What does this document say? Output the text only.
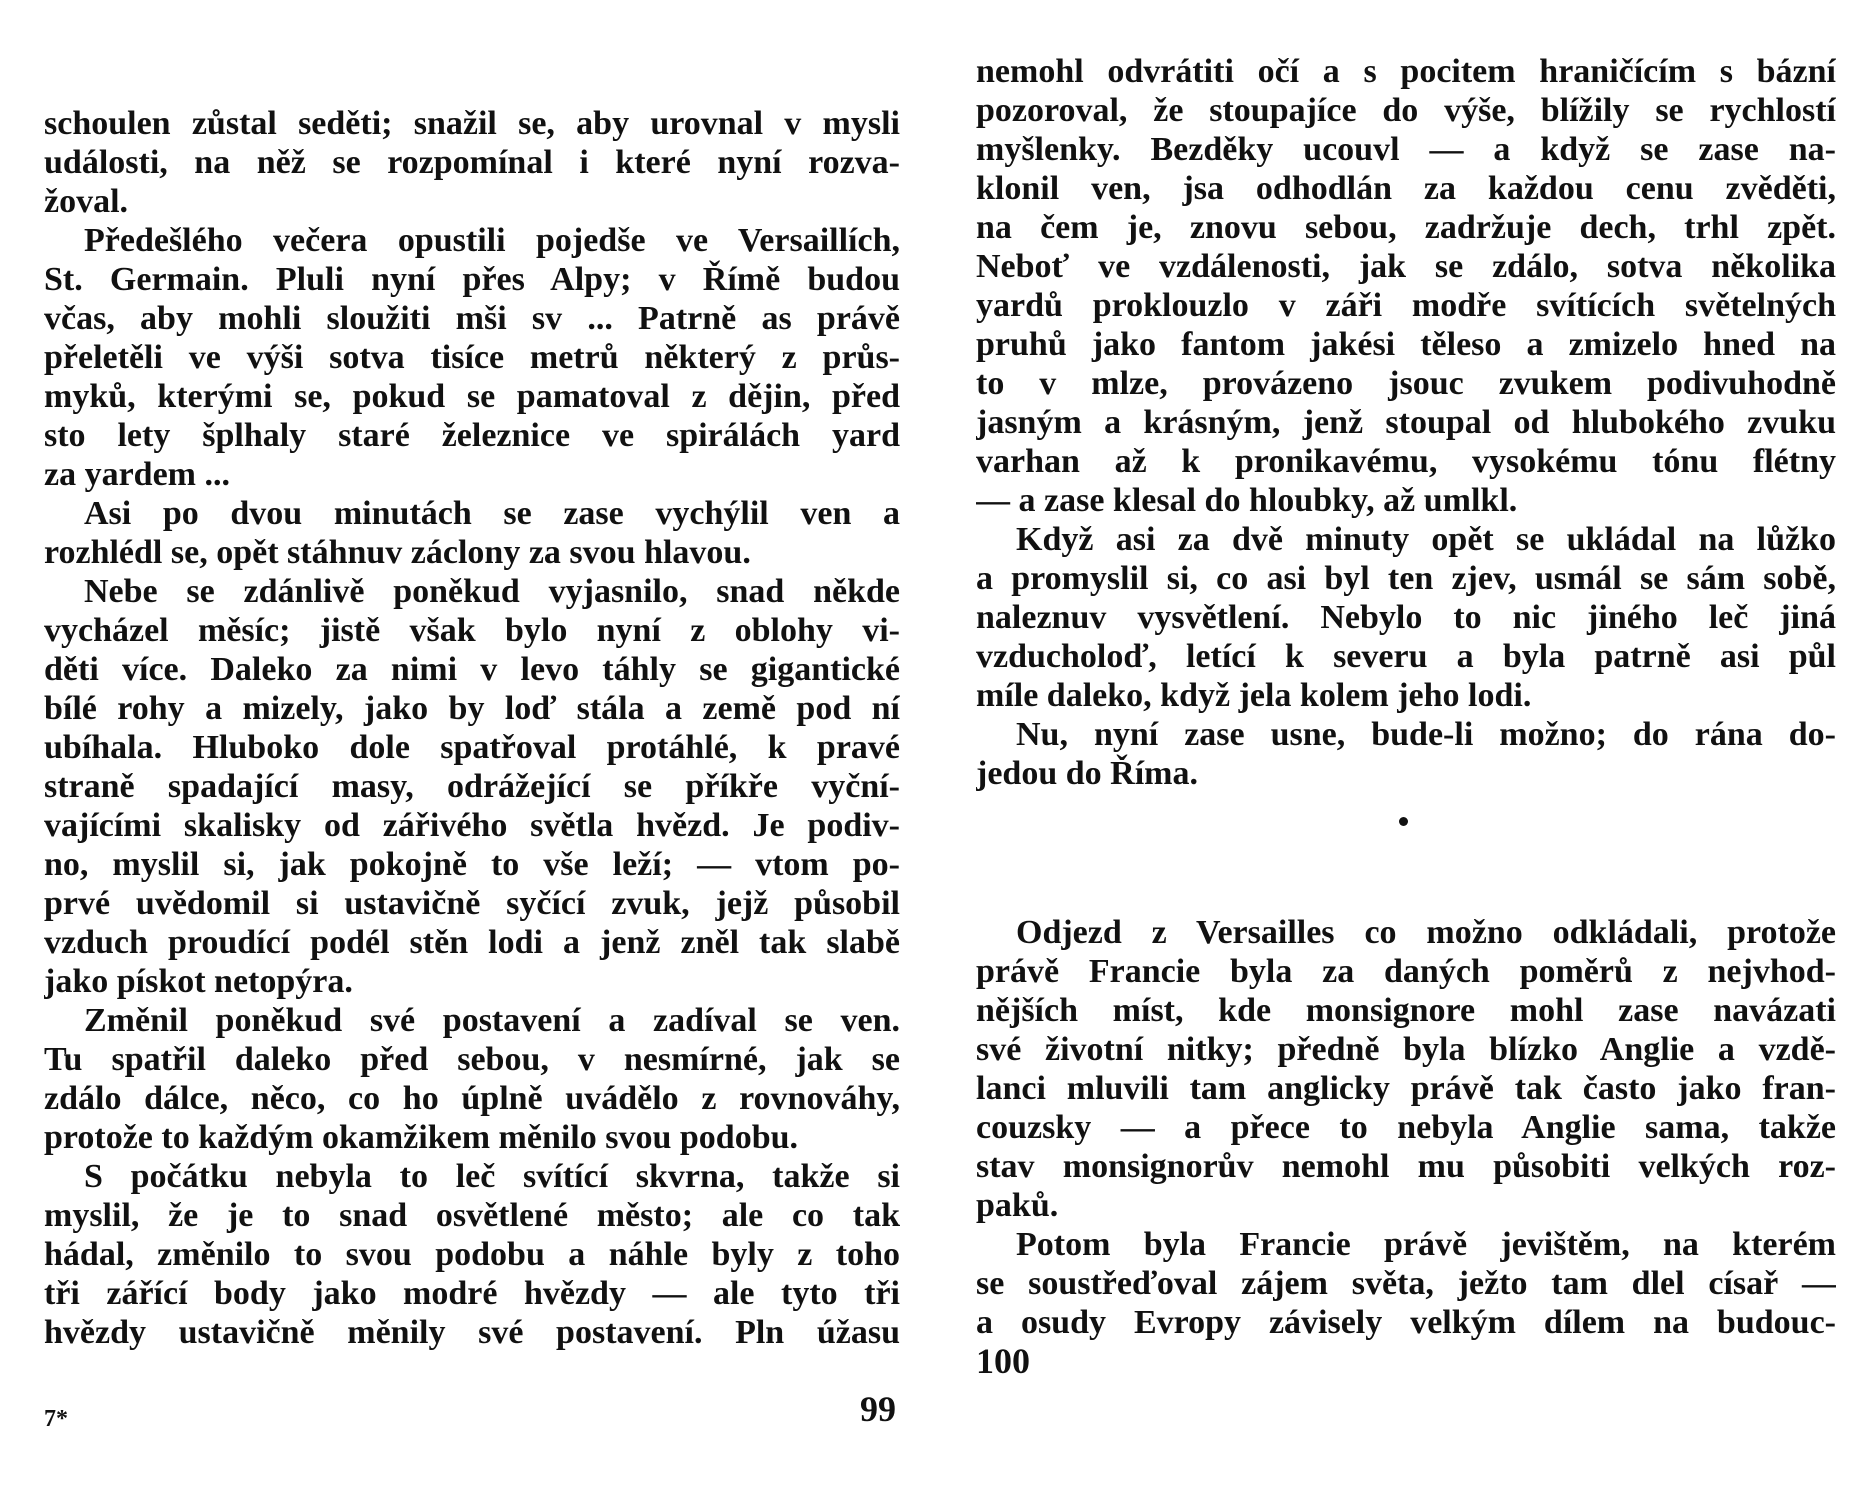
schoulen zůstal seděti; snažil se, aby urovnal v mysli
události, na něž se rozpomínal i které nyní rozva-
žoval.
Předešlého večera opustili pojedše ve Versaillích,
St. Germain. Pluli nyní přes Alpy; v Římě budou
včas, aby mohli sloužiti mši sv ... Patrně as právě
přeletěli ve výši sotva tisíce metrů některý z průs-
myků, kterými se, pokud se pamatoval z dějin, před
sto lety šplhaly staré železnice ve spirálách yard
za yardem ...
Asi po dvou minutách se zase vychýlil ven a
rozhlédl se, opět stáhnuv záclony za svou hlavou.
Nebe se zdánlivě poněkud vyjasnilo, snad někde
vycházel měsíc; jistě však bylo nyní z oblohy vi-
děti více. Daleko za nimi v levo táhly se gigantické
bílé rohy a mizely, jako by loď stála a země pod ní
ubíhala. Hluboko dole spatřoval protáhlé, k pravé
straně spadající masy, odrážející se příkře vyční-
vajícími skalisky od zářivého světla hvězd. Je podiv-
no, myslil si, jak pokojně to vše leží; — vtom po-
prvé uvědomil si ustavičně syčící zvuk, jejž působil
vzduch proudící podél stěn lodi a jenž zněl tak slabě
jako pískot netopýra.
Změnil poněkud své postavení a zadíval se ven.
Tu spatřil daleko před sebou, v nesmírné, jak se
zdálo dálce, něco, co ho úplně uvádělo z rovnováhy,
protože to každým okamžikem měnilo svou podobu.
S počátku nebyla to leč svítící skvrna, takže si
myslil, že je to snad osvětlené město; ale co tak
hádal, změnilo to svou podobu a náhle byly z toho
tři zářící body jako modré hvězdy — ale tyto tři
hvězdy ustavičně měnily své postavení. Pln úžasu
7*	99
nemohl odvrátiti očí a s pocitem hraničícím s bázní
pozoroval, že stoupajíce do výše, blížily se rychlostí
myšlenky. Bezděky ucouvl — a když se zase na-
klonil ven, jsa odhodlán za každou cenu zvěděti,
na čem je, znovu sebou, zadržuje dech, trhl zpět.
Neboť ve vzdálenosti, jak se zdálo, sotva několika
yardů proklouzlo v záři modře svítících světelných
pruhů jako fantom jakési těleso a zmizelo hned na
to v mlze, provázeno jsouc zvukem podivuhodně
jasným a krásným, jenž stoupal od hlubokého zvuku
varhan až k pronikavému, vysokému tónu flétny
— a zase klesal do hloubky, až umlkl.
Když asi za dvě minuty opět se ukládal na lůžko
a promyslil si, co asi byl ten zjev, usmál se sám sobě,
naleznuv vysvětlení. Nebylo to nic jiného leč jiná
vzducholoď, letící k severu a byla patrně asi půl
míle daleko, když jela kolem jeho lodi.
Nu, nyní zase usne, bude-li možno; do rána do-
jedou do Říma.
Odjezd z Versailles co možno odkládali, protože
právě Francie byla za daných poměrů z nejvhod-
nějších míst, kde monsignore mohl zase navázati
své životní nitky; předně byla blízko Anglie a vzdě-
lanci mluvili tam anglicky právě tak často jako fran-
couzsky — a přece to nebyla Anglie sama, takže
stav monsignorův nemohl mu působiti velkých roz-
paků.
Potom byla Francie právě jevištěm, na kterém
se soustřeďoval zájem světa, ježto tam dlel císař —
a osudy Evropy závisely velkým dílem na budouc-
100
